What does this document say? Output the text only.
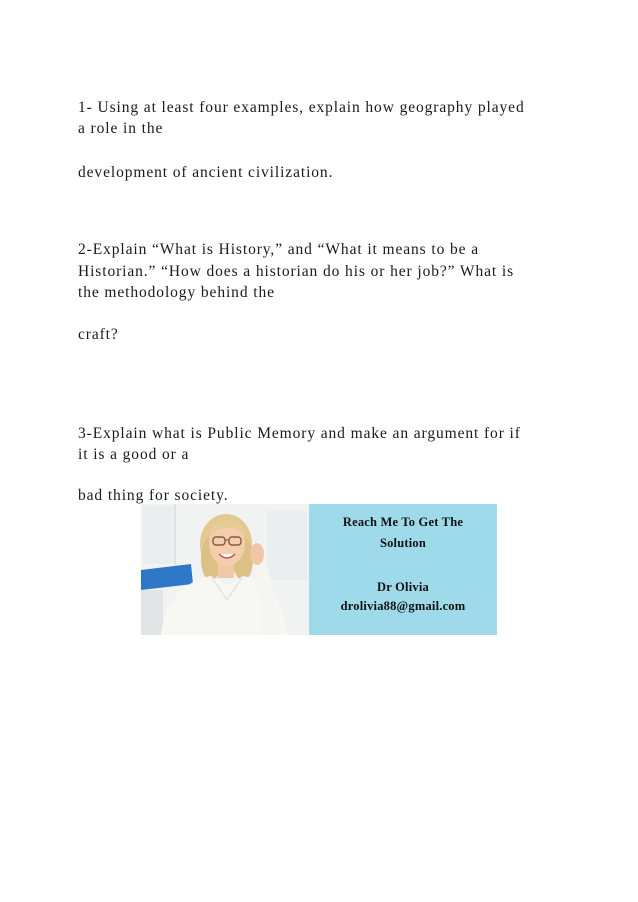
1- Using at least four examples, explain how geography played
a role in the
development of ancient civilization.
2-Explain “What is History,” and “What it means to be a
Historian.” “How does a historian do his or her job?” What is
the methodology behind the
craft?
3-Explain what is Public Memory and make an argument for if
it is a good or a
bad thing for society.
Reach Me To Get The
Solution
Dr Olivia
drolivia88@gmail.com
